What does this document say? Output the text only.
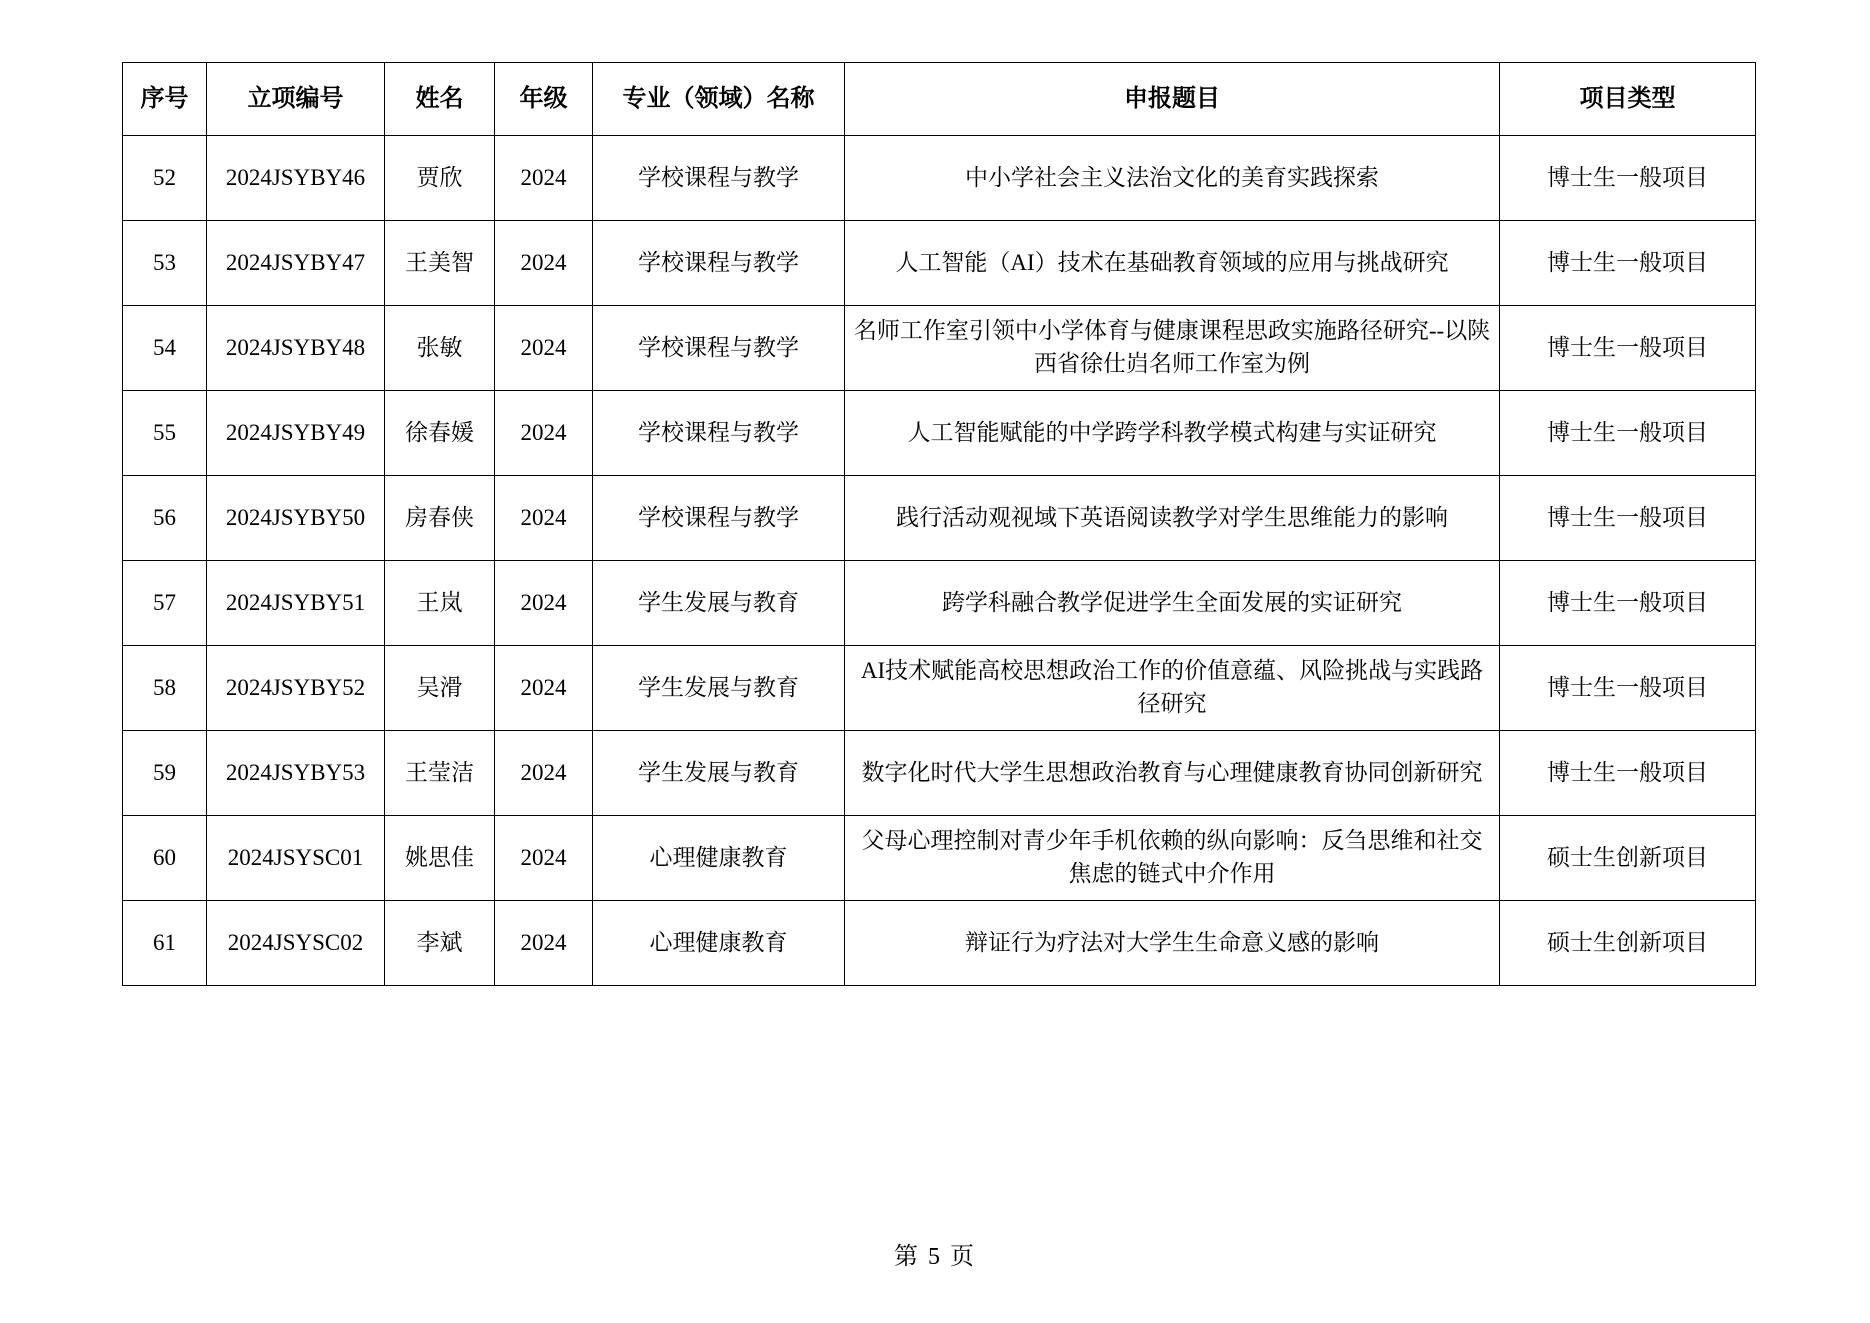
序号	立项编号	姓名	年级	专业（领域）名称	申报题目	项目类型
52	2024JSYBY46	贾欣	2024	学校课程与教学	中小学社会主义法治文化的美育实践探索	博士生一般项目
53	2024JSYBY47	王美智	2024	学校课程与教学	人工智能（AI）技术在基础教育领域的应用与挑战研究	博士生一般项目
54	2024JSYBY48	张敏	2024	学校课程与教学	名师工作室引领中小学体育与健康课程思政实施路径研究--以陕西省徐仕岿名师工作室为例	博士生一般项目
55	2024JSYBY49	徐春媛	2024	学校课程与教学	人工智能赋能的中学跨学科教学模式构建与实证研究	博士生一般项目
56	2024JSYBY50	房春侠	2024	学校课程与教学	践行活动观视域下英语阅读教学对学生思维能力的影响	博士生一般项目
57	2024JSYBY51	王岚	2024	学生发展与教育	跨学科融合教学促进学生全面发展的实证研究	博士生一般项目
58	2024JSYBY52	吴滑	2024	学生发展与教育	AI技术赋能高校思想政治工作的价值意蕴、风险挑战与实践路径研究	博士生一般项目
59	2024JSYBY53	王莹洁	2024	学生发展与教育	数字化时代大学生思想政治教育与心理健康教育协同创新研究	博士生一般项目
60	2024JSYSC01	姚思佳	2024	心理健康教育	父母心理控制对青少年手机依赖的纵向影响：反刍思维和社交焦虑的链式中介作用	硕士生创新项目
61	2024JSYSC02	李斌	2024	心理健康教育	辩证行为疗法对大学生生命意义感的影响	硕士生创新项目
第 5 页
